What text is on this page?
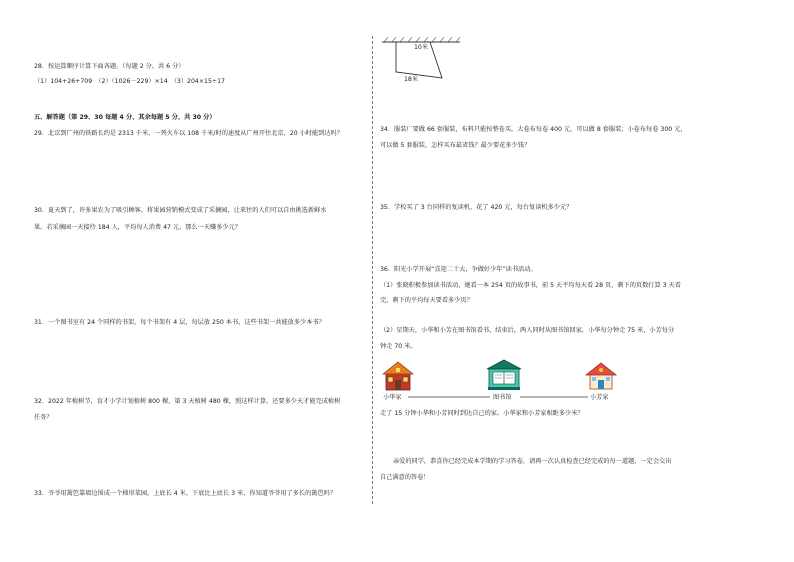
28．按运算顺序计算下面各题。（每题 2 分，共 6 分）
（1）104+26+709　（2）（1026－229）×14　（3）204×15÷17
五、解答题（第 29、30 每题 4 分，其余每题 5 分，共 30 分）
29．北京到广州的铁路长约是 2313 千米，一列火车以 108 千米/时的速度从广州开往北京，20 小时能到达吗？
30．夏天到了，许多果农为了吸引顾客，将果园营销模式变成了采摘园，让来往的人们可以自由挑选新鲜水
果。若采摘园一天接待 184 人，平均每人消费 47 元，那么一天赚多少元？
31．一个图书室有 24 个同样的书架，每个书架有 4 层，每层放 250 本书，这些书架一共能放多少本书？
32．2022 年植树节，育才小学计划植树 800 棵，第 3 天植树 480 棵，照这样计算，还要多少天才能完成植树
任务？
33．爷爷用篱笆靠墙边围成一个梯形菜园，上底长 4 米，下底比上底长 3 米，你知道爷爷用了多长的篱笆吗？
10米
18米
34．服装厂要做 66 套服装，布料只能按整卷买，大卷布每卷 400 元，可以做 8 套服装；小卷布每卷 300 元，
可以做 5 套服装，怎样买布最省钱？最少要花多少钱？
35．学校买了 3 台同样的复读机，花了 420 元，每台复读机多少元？
36．阳光小学开展“喜迎二十大，争做好少年”读书活动。
（1）张晓积极参加读书活动，她看一本 254 页的故事书，前 5 天平均每天看 28 页，剩下的页数打算 3 天看
完，剩下的平均每天要看多少页？
（2）星期天，小华和小芳在图书馆看书，结束后，两人同时从图书馆回家，小华每分钟走 75 米，小芳每分
钟走 70 米。
小华家	图书馆	小芳家
走了 15 分钟小华和小芳同时到达自己的家。小华家和小芳家相距多少米？
亲爱的同学，恭喜你已经完成本学期的学习答卷，请再一次认真检查已经完成的每一道题，一定会交出
自己满意的答卷！
